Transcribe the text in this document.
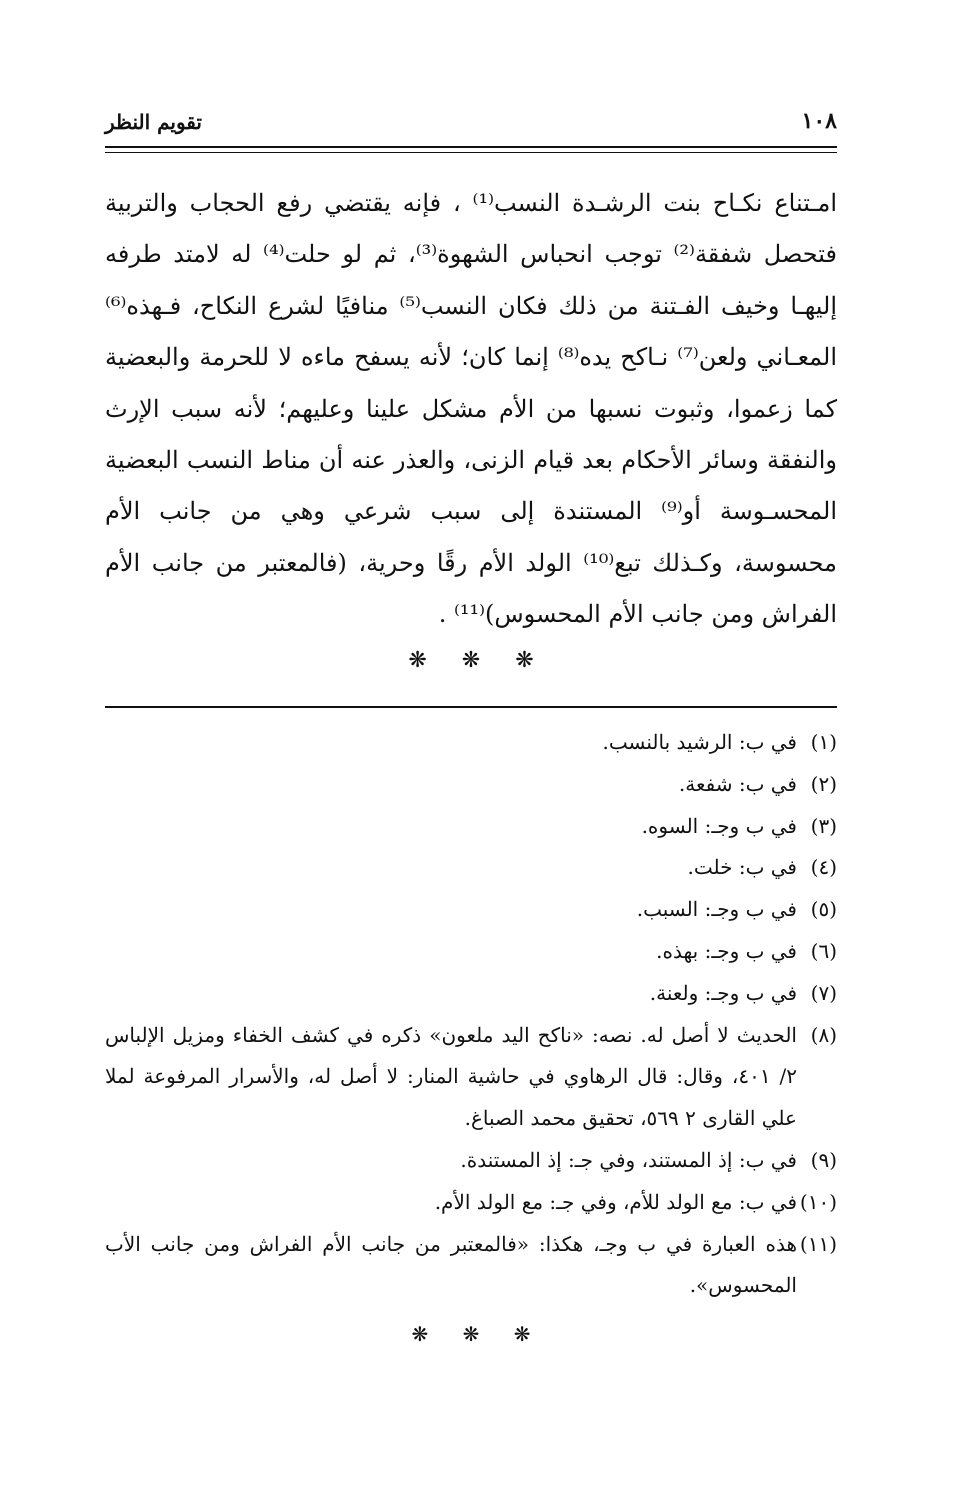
١٠٨
تقويم النظر

امـتناع نكـاح بنت الرشـدة النسب⁽¹⁾ ، فإنه يقتضي رفع الحجاب والتربية فتحصل شفقة⁽²⁾ توجب انحباس الشهوة⁽³⁾، ثم لو حلت⁽⁴⁾ له لامتد طرفه إليهـا وخيف الفـتنة من ذلك فكان النسب⁽⁵⁾ منافيًا لشرع النكاح، فـهذه⁽⁶⁾ المعـاني ولعن⁽⁷⁾ نـاكح يده⁽⁸⁾ إنما كان؛ لأنه يسفح ماءه لا للحرمة والبعضية كما زعموا، وثبوت نسبها من الأم مشكل علينا وعليهم؛ لأنه سبب الإرث والنفقة وسائر الأحكام بعد قيام الزنى، والعذر عنه أن مناط النسب البعضية المحسـوسة أو⁽⁹⁾ المستندة إلى سبب شرعي وهي من جانب الأم محسوسة، وكـذلك تبع⁽¹⁰⁾ الولد الأم رقًا وحرية، (فالمعتبر من جانب الأم الفراش ومن جانب الأم المحسوس)⁽¹¹⁾ .

❋ ❋ ❋
(١)
في ب: الرشيد بالنسب.
(٢)
في ب: شفعة.
(٣)
في ب وجـ: السوه.
(٤)
في ب: خلت.
(٥)
في ب وجـ: السبب.
(٦)
في ب وجـ: بهذه.
(٧)
في ب وجـ: ولعنة.
(٨)
الحديث لا أصل له. نصه: «ناكح اليد ملعون» ذكره في كشف الخفاء ومزيل الإلباس ٢/ ٤٠١، وقال: قال الرهاوي في حاشية المنار: لا أصل له، والأسرار المرفوعة لملا علي القارى ٢ ٥٦٩، تحقيق محمد الصباغ.
(٩)
في ب: إذ المستند، وفي جـ: إذ المستندة.
(١٠)
في ب: مع الولد للأم، وفي جـ: مع الولد الأم.
(١١)
هذه العبارة في ب وجـ، هكذا: «فالمعتبر من جانب الأم الفراش ومن جانب الأب المحسوس».
❋ ❋ ❋
